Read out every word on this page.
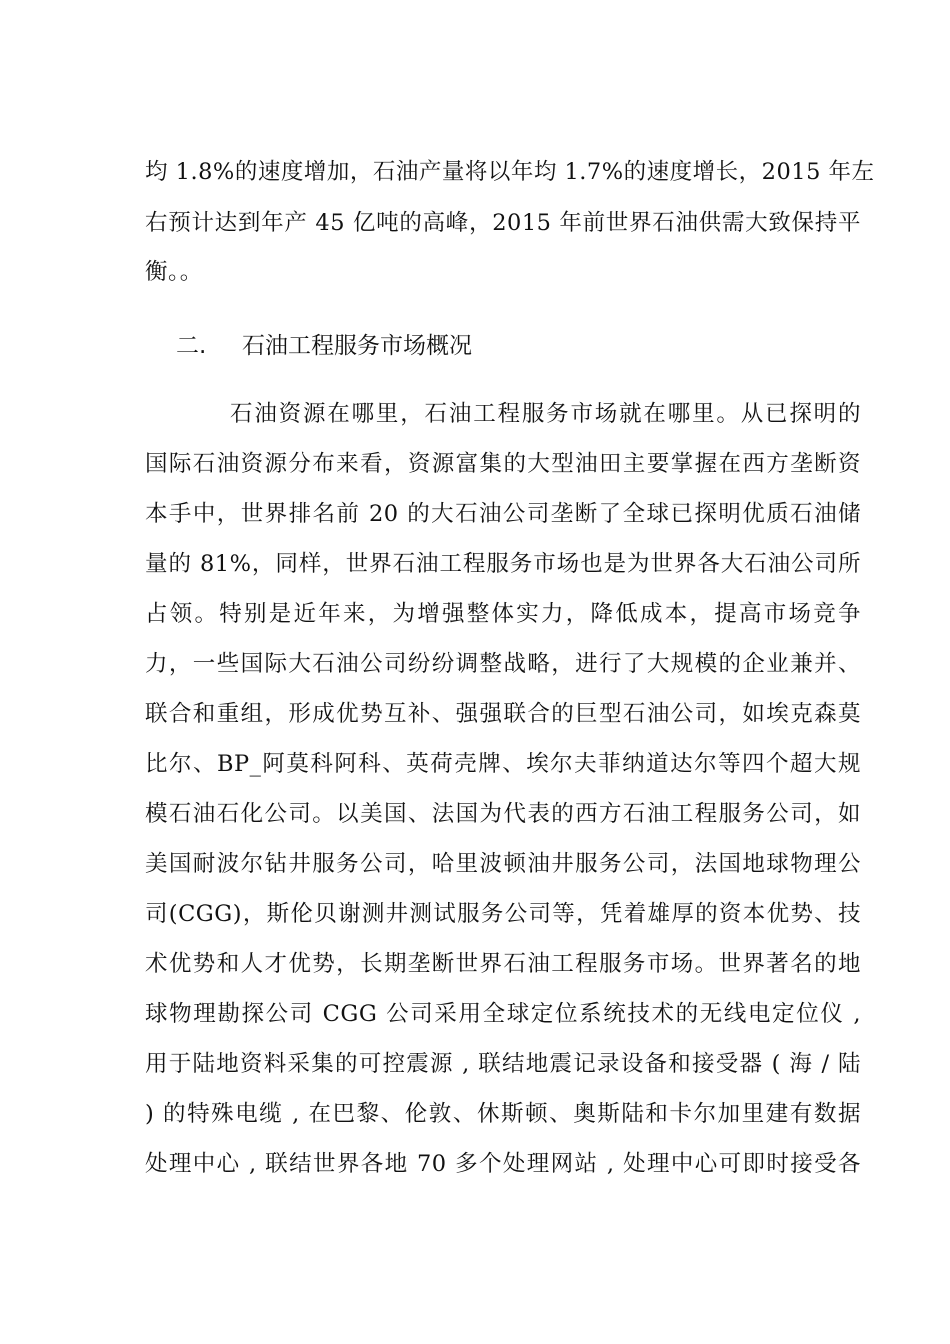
均 1.8%的速度增加，石油产量将以年均 1.7%的速度增长，2015 年左
右预计达到年产 45 亿吨的高峰，2015 年前世界石油供需大致保持平
衡。。
二. 石油工程服务市场概况
石油资源在哪里，石油工程服务市场就在哪里。从已探明的
国际石油资源分布来看，资源富集的大型油田主要掌握在西方垄断资
本手中，世界排名前 20 的大石油公司垄断了全球已探明优质石油储
量的 81%，同样，世界石油工程服务市场也是为世界各大石油公司所
占领。特别是近年来，为增强整体实力，降低成本，提高市场竞争
力，一些国际大石油公司纷纷调整战略，进行了大规模的企业兼并、
联合和重组，形成优势互补、强强联合的巨型石油公司，如埃克森莫
比尔、BP_阿莫科阿科、英荷壳牌、埃尔夫菲纳道达尔等四个超大规
模石油石化公司。以美国、法国为代表的西方石油工程服务公司，如
美国耐波尔钻井服务公司，哈里波顿油井服务公司，法国地球物理公
司(CGG)，斯伦贝谢测井测试服务公司等，凭着雄厚的资本优势、技
术优势和人才优势，长期垄断世界石油工程服务市场。世界著名的地
球物理勘探公司 CGG 公司采用全球定位系统技术的无线电定位仪 ,
用于陆地资料采集的可控震源 , 联结地震记录设备和接受器 ( 海 / 陆
) 的特殊电缆 , 在巴黎、伦敦、休斯顿、奥斯陆和卡尔加里建有数据
处理中心 , 联结世界各地 70 多个处理网站 , 处理中心可即时接受各
